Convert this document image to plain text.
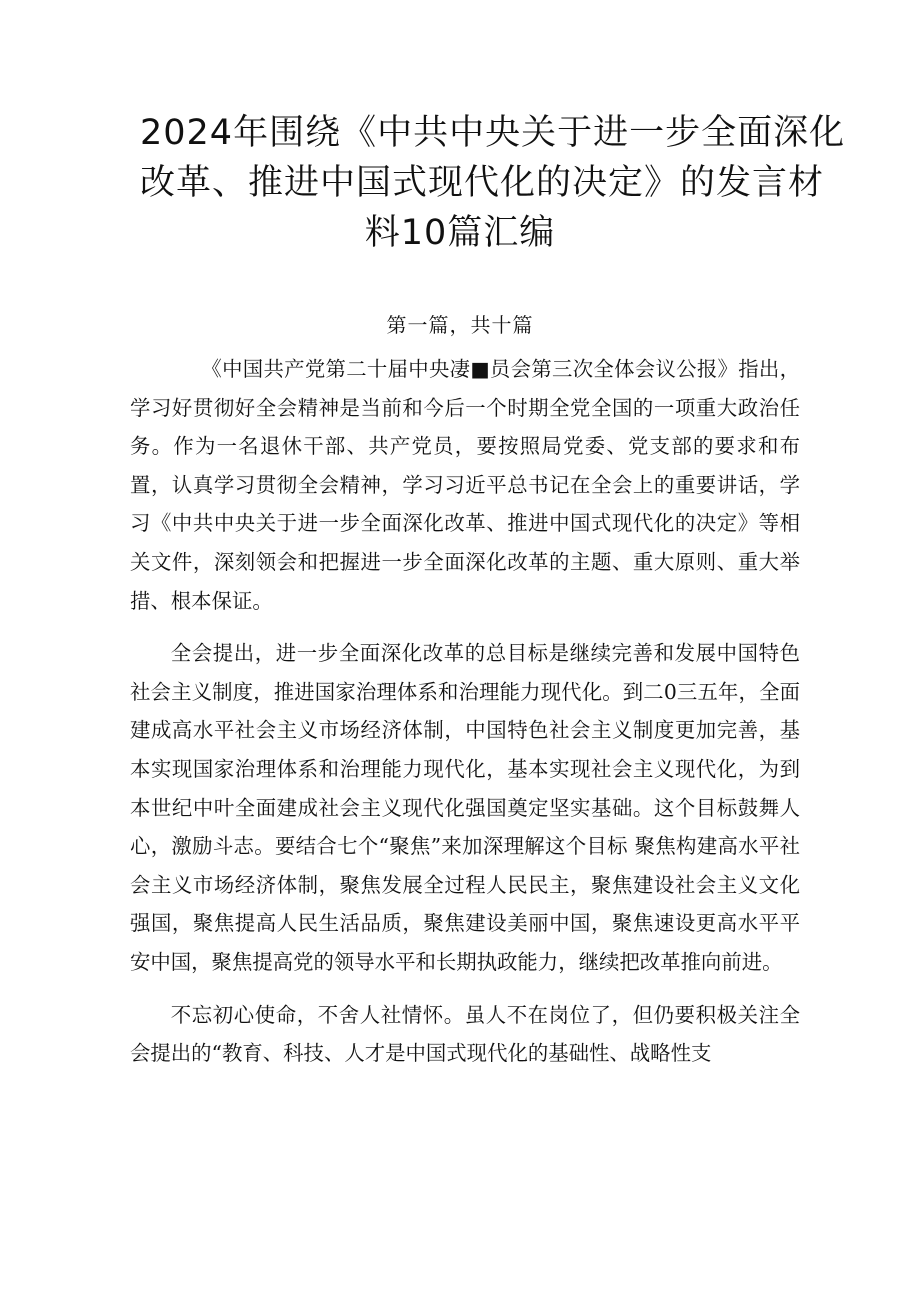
2024年围绕《中共中央关于进一步全面深化
改革、推进中国式现代化的决定》的发言材
料10篇汇编
第一篇，共十篇

《中国共产党第二十届中央凄■员会第三次全体会议公报》指出，学习好贯彻好全会精神是当前和今后一个时期全党全国的一项重大政治任务。作为一名退休干部、共产党员，要按照局党委、党支部的要求和布置，认真学习贯彻全会精神，学习习近平总书记在全会上的重要讲话，学习《中共中央关于进一步全面深化改革、推进中国式现代化的决定》等相关文件，深刻领会和把握进一步全面深化改革的主题、重大原则、重大举措、根本保证。

全会提出，进一步全面深化改革的总目标是继续完善和发展中国特色社会主义制度，推进国家治理体系和治理能力现代化。到二0三五年，全面建成高水平社会主义市场经济体制，中国特色社会主义制度更加完善，基本实现国家治理体系和治理能力现代化，基本实现社会主义现代化，为到本世纪中叶全面建成社会主义现代化强国奠定坚实基础。这个目标鼓舞人心，激励斗志。要结合七个“聚焦”来加深理解这个目标 聚焦构建高水平社会主义市场经济体制，聚焦发展全过程人民民主，聚焦建设社会主义文化强国，聚焦提高人民生活品质，聚焦建设美丽中国，聚焦速设更高水平平安中国，聚焦提高党的领导水平和长期执政能力，继续把改革推向前进。

不忘初心使命，不舍人社情怀。虽人不在岗位了，但仍要积极关注全会提出的“教育、科技、人才是中国式现代化的基础性、战略性支
